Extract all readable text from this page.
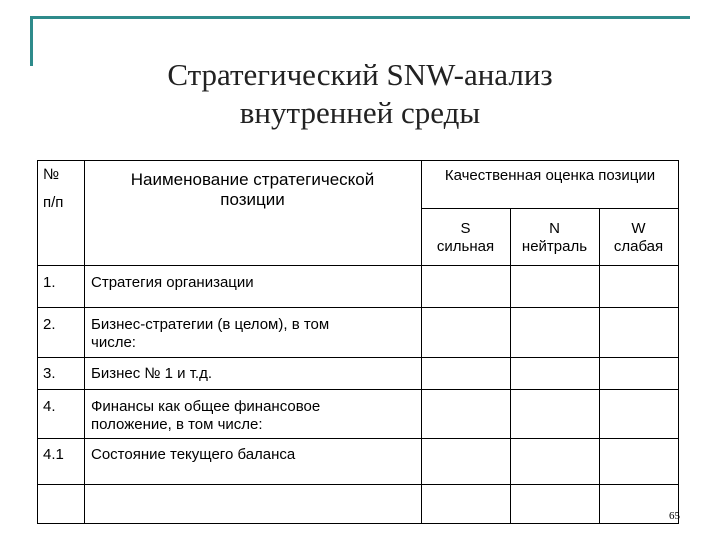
Стратегический SNW-анализ
внутренней среды
№
п/п
Наименование стратегической
позиции
Качественная оценка позиции
S
сильная
N
нейтраль
W
слабая
1. Стратегия организации
2. Бизнес-стратегии (в целом), в том
числе:
3. Бизнес № 1 и т.д.
4. Финансы как общее финансовое
положение, в том числе:
4.1 Состояние текущего баланса
65
